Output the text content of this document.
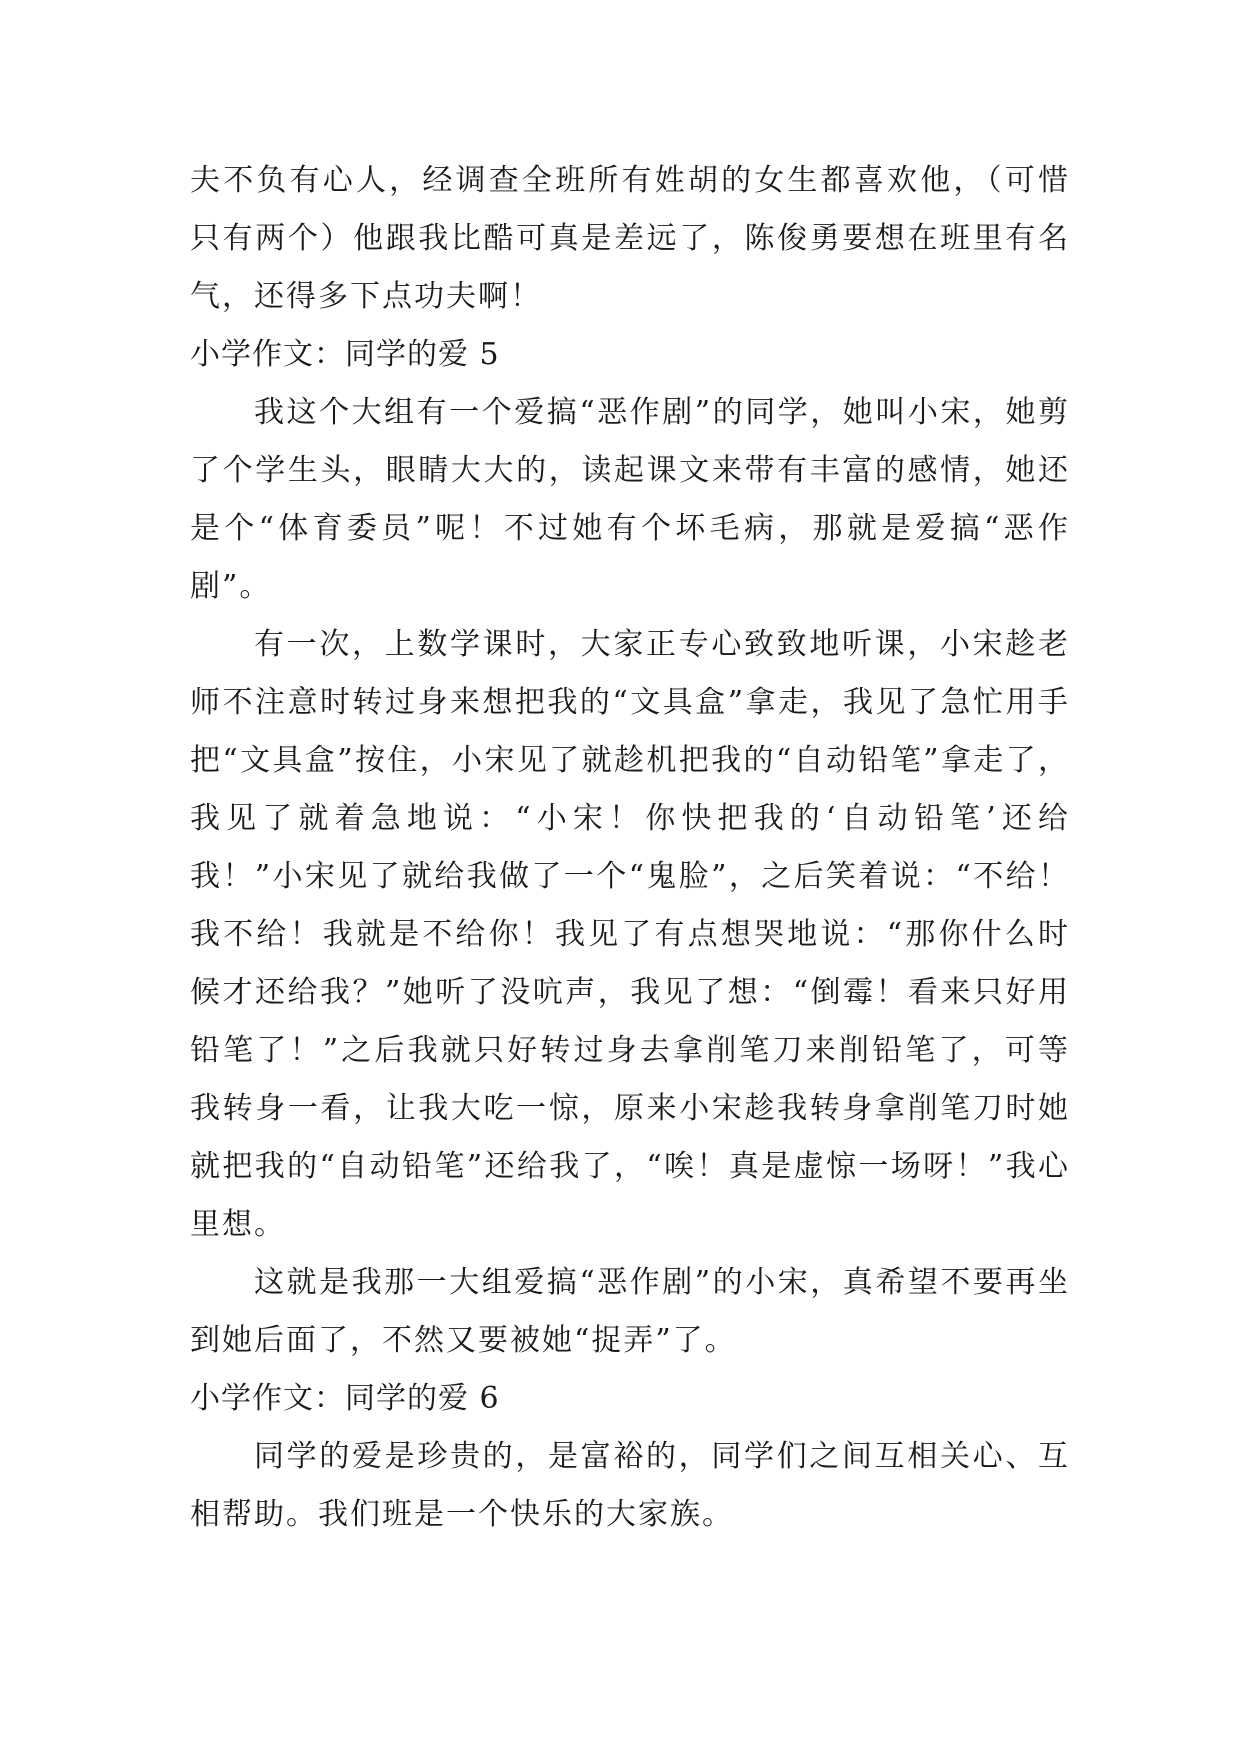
夫不负有心人，经调查全班所有姓胡的女生都喜欢他，（可惜只有两个）他跟我比酷可真是差远了，陈俊勇要想在班里有名气，还得多下点功夫啊！

小学作文：同学的爱 5

我这个大组有一个爱搞“恶作剧”的同学，她叫小宋，她剪了个学生头，眼睛大大的，读起课文来带有丰富的感情，她还是个“体育委员”呢！不过她有个坏毛病，那就是爱搞“恶作剧”。

有一次，上数学课时，大家正专心致致地听课，小宋趁老师不注意时转过身来想把我的“文具盒”拿走，我见了急忙用手把“文具盒”按住，小宋见了就趁机把我的“自动铅笔”拿走了，我见了就着急地说：“小宋！你快把我的‘自动铅笔’还给我！”小宋见了就给我做了一个“鬼脸”，之后笑着说：“不给！我不给！我就是不给你！我见了有点想哭地说：“那你什么时候才还给我？”她听了没吭声，我见了想：“倒霉！看来只好用铅笔了！”之后我就只好转过身去拿削笔刀来削铅笔了，可等我转身一看，让我大吃一惊，原来小宋趁我转身拿削笔刀时她就把我的“自动铅笔”还给我了，“唉！真是虚惊一场呀！”我心里想。

这就是我那一大组爱搞“恶作剧”的小宋，真希望不要再坐到她后面了，不然又要被她“捉弄”了。

小学作文：同学的爱 6

同学的爱是珍贵的，是富裕的，同学们之间互相关心、互相帮助。我们班是一个快乐的大家族。
